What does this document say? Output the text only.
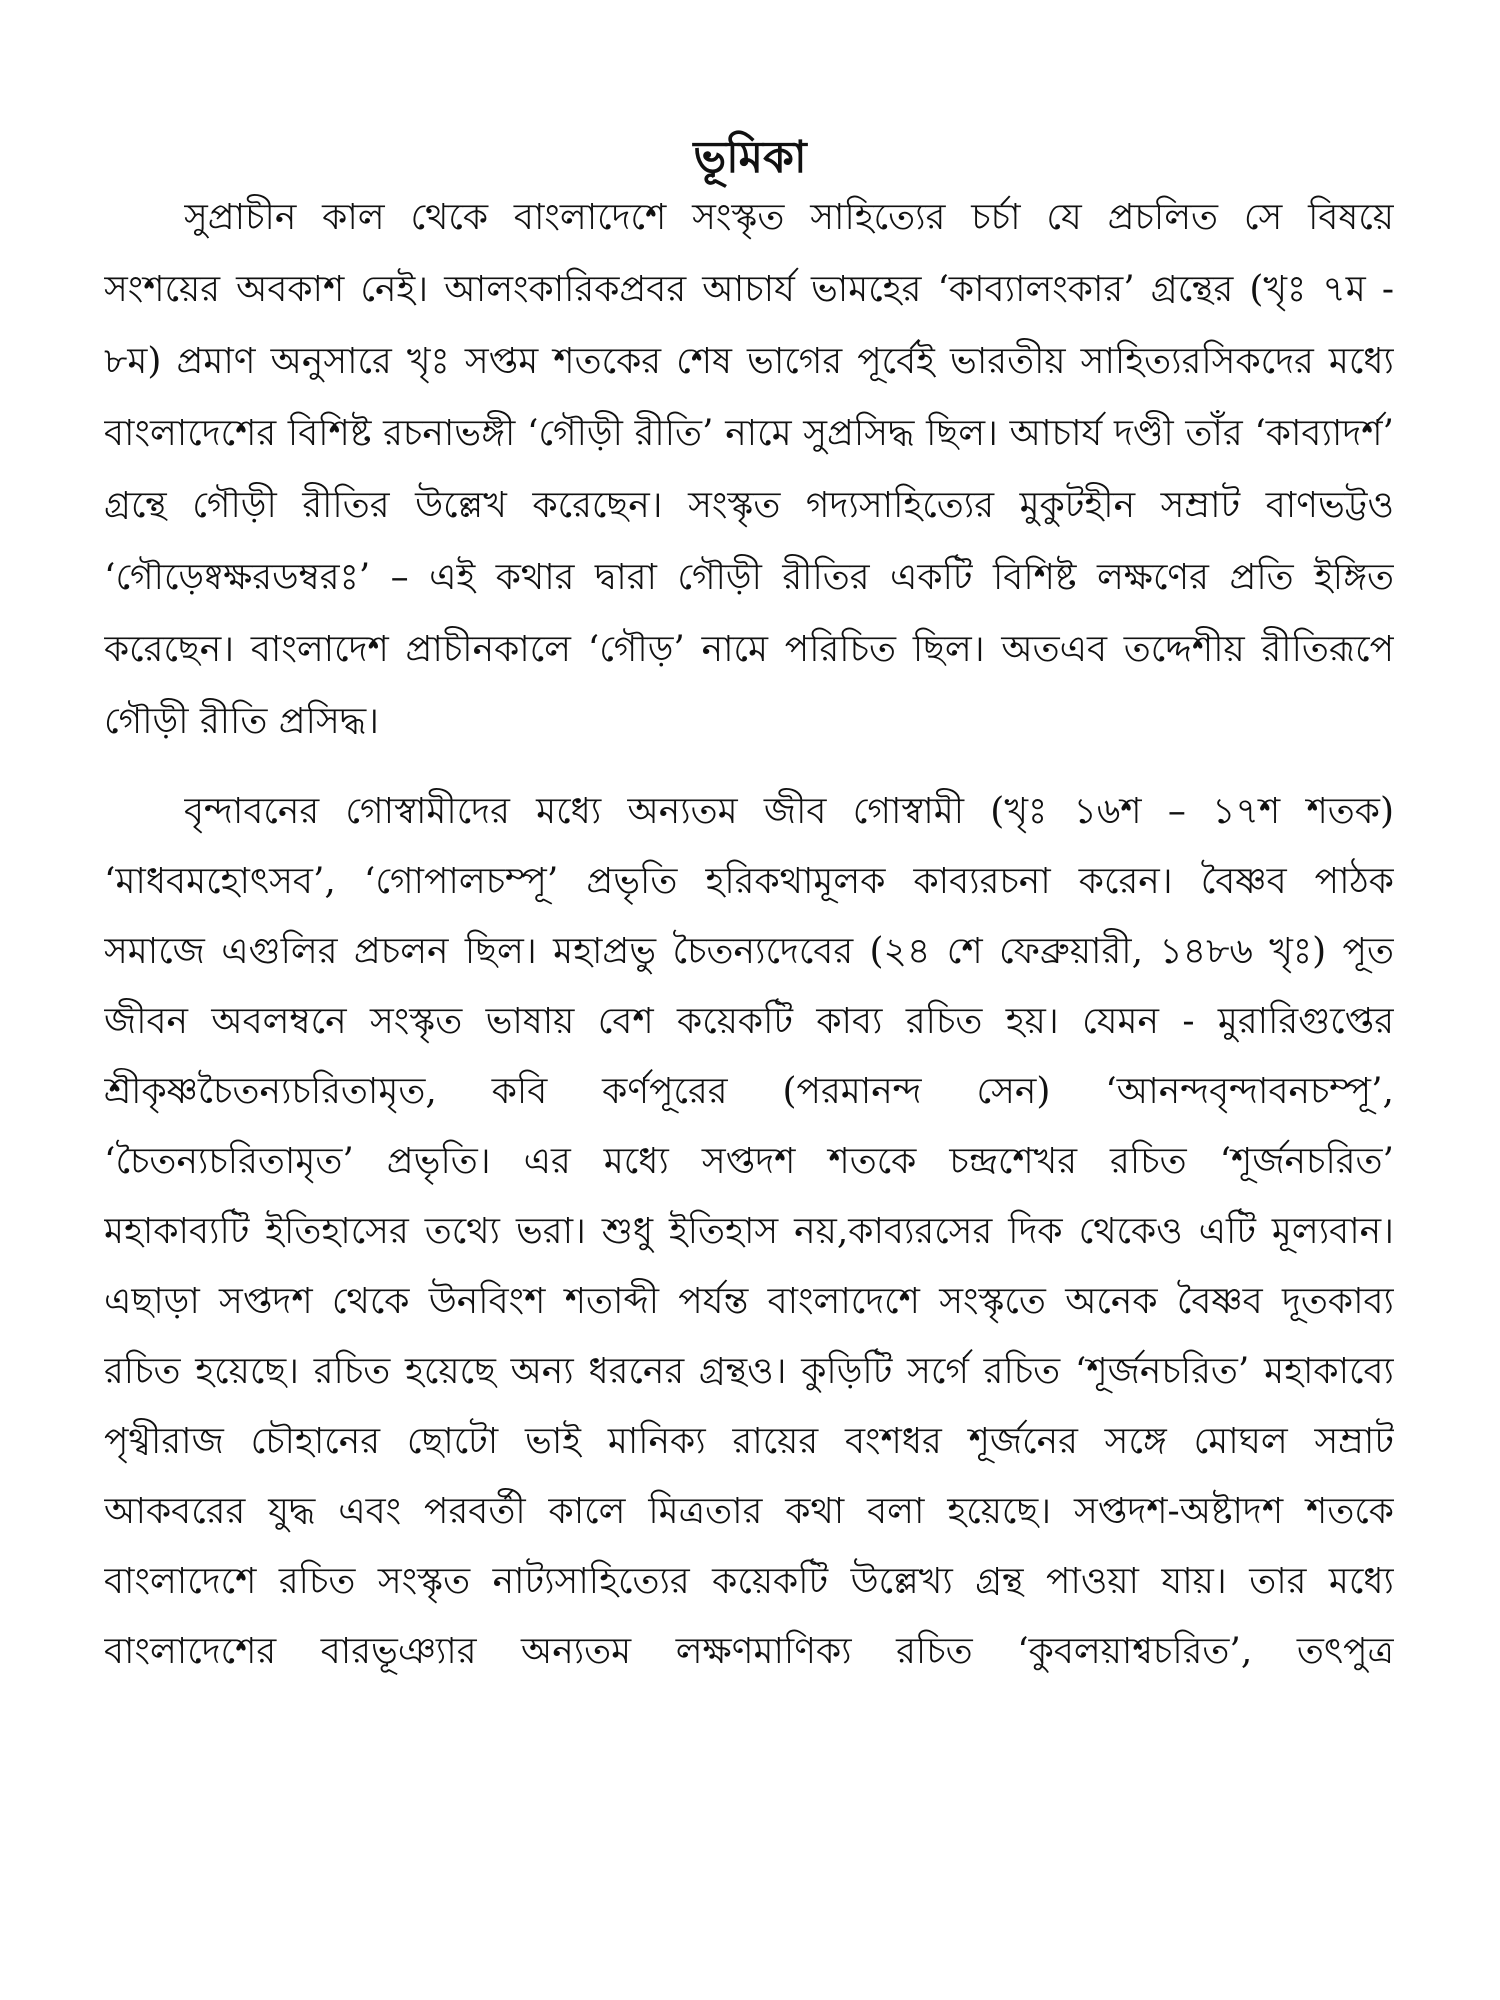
ভূমিকা
সুপ্রাচীন কাল থেকে বাংলাদেশে সংস্কৃত সাহিত্যের চর্চা যে প্রচলিত সে বিষয়ে
সংশয়ের অবকাশ নেই। আলংকারিকপ্রবর আচার্য ভামহের ‘কাব্যালংকার’ গ্রন্থের (খৃঃ ৭ম -
৮ম) প্রমাণ অনুসারে খৃঃ সপ্তম শতকের শেষ ভাগের পূর্বেই ভারতীয় সাহিত্যরসিকদের মধ্যে
বাংলাদেশের বিশিষ্ট রচনাভঙ্গী ‘গৌড়ী রীতি’ নামে সুপ্রসিদ্ধ ছিল। আচার্য দণ্ডী তাঁর ‘কাব্যাদর্শ’
গ্রন্থে গৌড়ী রীতির উল্লেখ করেছেন। সংস্কৃত গদ্যসাহিত্যের মুকুটহীন সম্রাট বাণভট্টও
‘গৌড়েষ্বক্ষরডম্বরঃ’ – এই কথার দ্বারা গৌড়ী রীতির একটি বিশিষ্ট লক্ষণের প্রতি ইঙ্গিত
করেছেন। বাংলাদেশ প্রাচীনকালে ‘গৌড়’ নামে পরিচিত ছিল। অতএব তদ্দেশীয় রীতিরূপে
গৌড়ী রীতি প্রসিদ্ধ।
বৃন্দাবনের গোস্বামীদের মধ্যে অন্যতম জীব গোস্বামী (খৃঃ ১৬শ – ১৭শ শতক)
‘মাধবমহোৎসব’, ‘গোপালচম্পূ’ প্রভৃতি হরিকথামূলক কাব্যরচনা করেন। বৈষ্ণব পাঠক
সমাজে এগুলির প্রচলন ছিল। মহাপ্রভু চৈতন্যদেবের (২৪ শে ফেব্রুয়ারী, ১৪৮৬ খৃঃ) পূত
জীবন অবলম্বনে সংস্কৃত ভাষায় বেশ কয়েকটি কাব্য রচিত হয়। যেমন - মুরারিগুপ্তের
শ্রীকৃষ্ণচৈতন্যচরিতামৃত, কবি কর্ণপূরের (পরমানন্দ সেন) ‘আনন্দবৃন্দাবনচম্পূ’,
‘চৈতন্যচরিতামৃত’ প্রভৃতি। এর মধ্যে সপ্তদশ শতকে চন্দ্রশেখর রচিত ‘শূর্জনচরিত’
মহাকাব্যটি ইতিহাসের তথ্যে ভরা। শুধু ইতিহাস নয়,কাব্যরসের দিক থেকেও এটি মূল্যবান।
এছাড়া সপ্তদশ থেকে উনবিংশ শতাব্দী পর্যন্ত বাংলাদেশে সংস্কৃতে অনেক বৈষ্ণব দূতকাব্য
রচিত হয়েছে। রচিত হয়েছে অন্য ধরনের গ্রন্থও। কুড়িটি সর্গে রচিত ‘শূর্জনচরিত’ মহাকাব্যে
পৃথ্বীরাজ চৌহানের ছোটো ভাই মানিক্য রায়ের বংশধর শূর্জনের সঙ্গে মোঘল সম্রাট
আকবরের যুদ্ধ এবং পরবর্তী কালে মিত্রতার কথা বলা হয়েছে। সপ্তদশ-অষ্টাদশ শতকে
বাংলাদেশে রচিত সংস্কৃত নাট্যসাহিত্যের কয়েকটি উল্লেখ্য গ্রন্থ পাওয়া যায়। তার মধ্যে
বাংলাদেশের বারভূঞ্যার অন্যতম লক্ষণমাণিক্য রচিত ‘কুবলয়াশ্বচরিত’, তৎপুত্র
